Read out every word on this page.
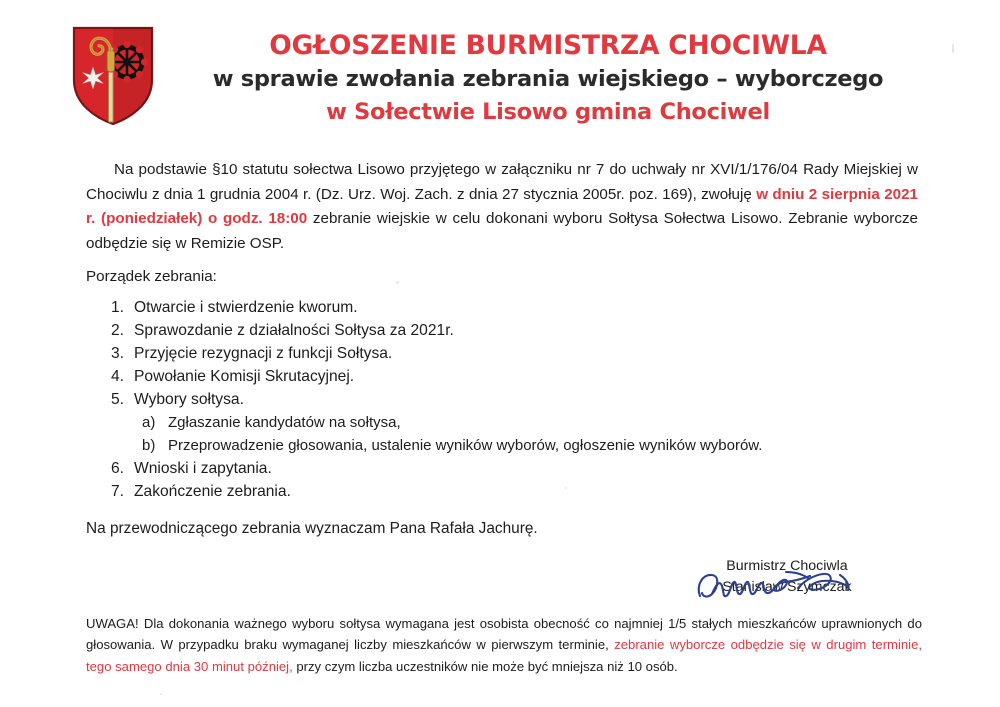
OGŁOSZENIE BURMISTRZA CHOCIWLA
w sprawie zwołania zebrania wiejskiego – wyborczego
w Sołectwie Lisowo gmina Chociwel

Na podstawie §10 statutu sołectwa Lisowo przyjętego w załączniku nr 7 do uchwały nr XVI/1/176/04 Rady Miejskiej w Chociwlu z dnia 1 grudnia 2004 r. (Dz. Urz. Woj. Zach. z dnia 27 stycznia 2005r. poz. 169), zwołuję w dniu 2 sierpnia 2021 r. (poniedziałek) o godz. 18:00 zebranie wiejskie w celu dokonani wyboru Sołtysa Sołectwa Lisowo. Zebranie wyborcze odbędzie się w Remizie OSP.

Porządek zebrania:
1. Otwarcie i stwierdzenie kworum.
2. Sprawozdanie z działalności Sołtysa za 2021r.
3. Przyjęcie rezygnacji z funkcji Sołtysa.
4. Powołanie Komisji Skrutacyjnej.
5. Wybory sołtysa.
a) Zgłaszanie kandydatów na sołtysa,
b) Przeprowadzenie głosowania, ustalenie wyników wyborów, ogłoszenie wyników wyborów.
6. Wnioski i zapytania.
7. Zakończenie zebrania.
Na przewodniczącego zebrania wyznaczam Pana Rafała Jachurę.
Burmistrz Chociwla
Stanisław Szymczak
UWAGA! Dla dokonania ważnego wyboru sołtysa wymagana jest osobista obecność co najmniej 1/5 stałych mieszkańców uprawnionych do głosowania. W przypadku braku wymaganej liczby mieszkańców w pierwszym terminie, zebranie wyborcze odbędzie się w drugim terminie, tego samego dnia 30 minut później, przy czym liczba uczestników nie może być mniejsza niż 10 osób.
